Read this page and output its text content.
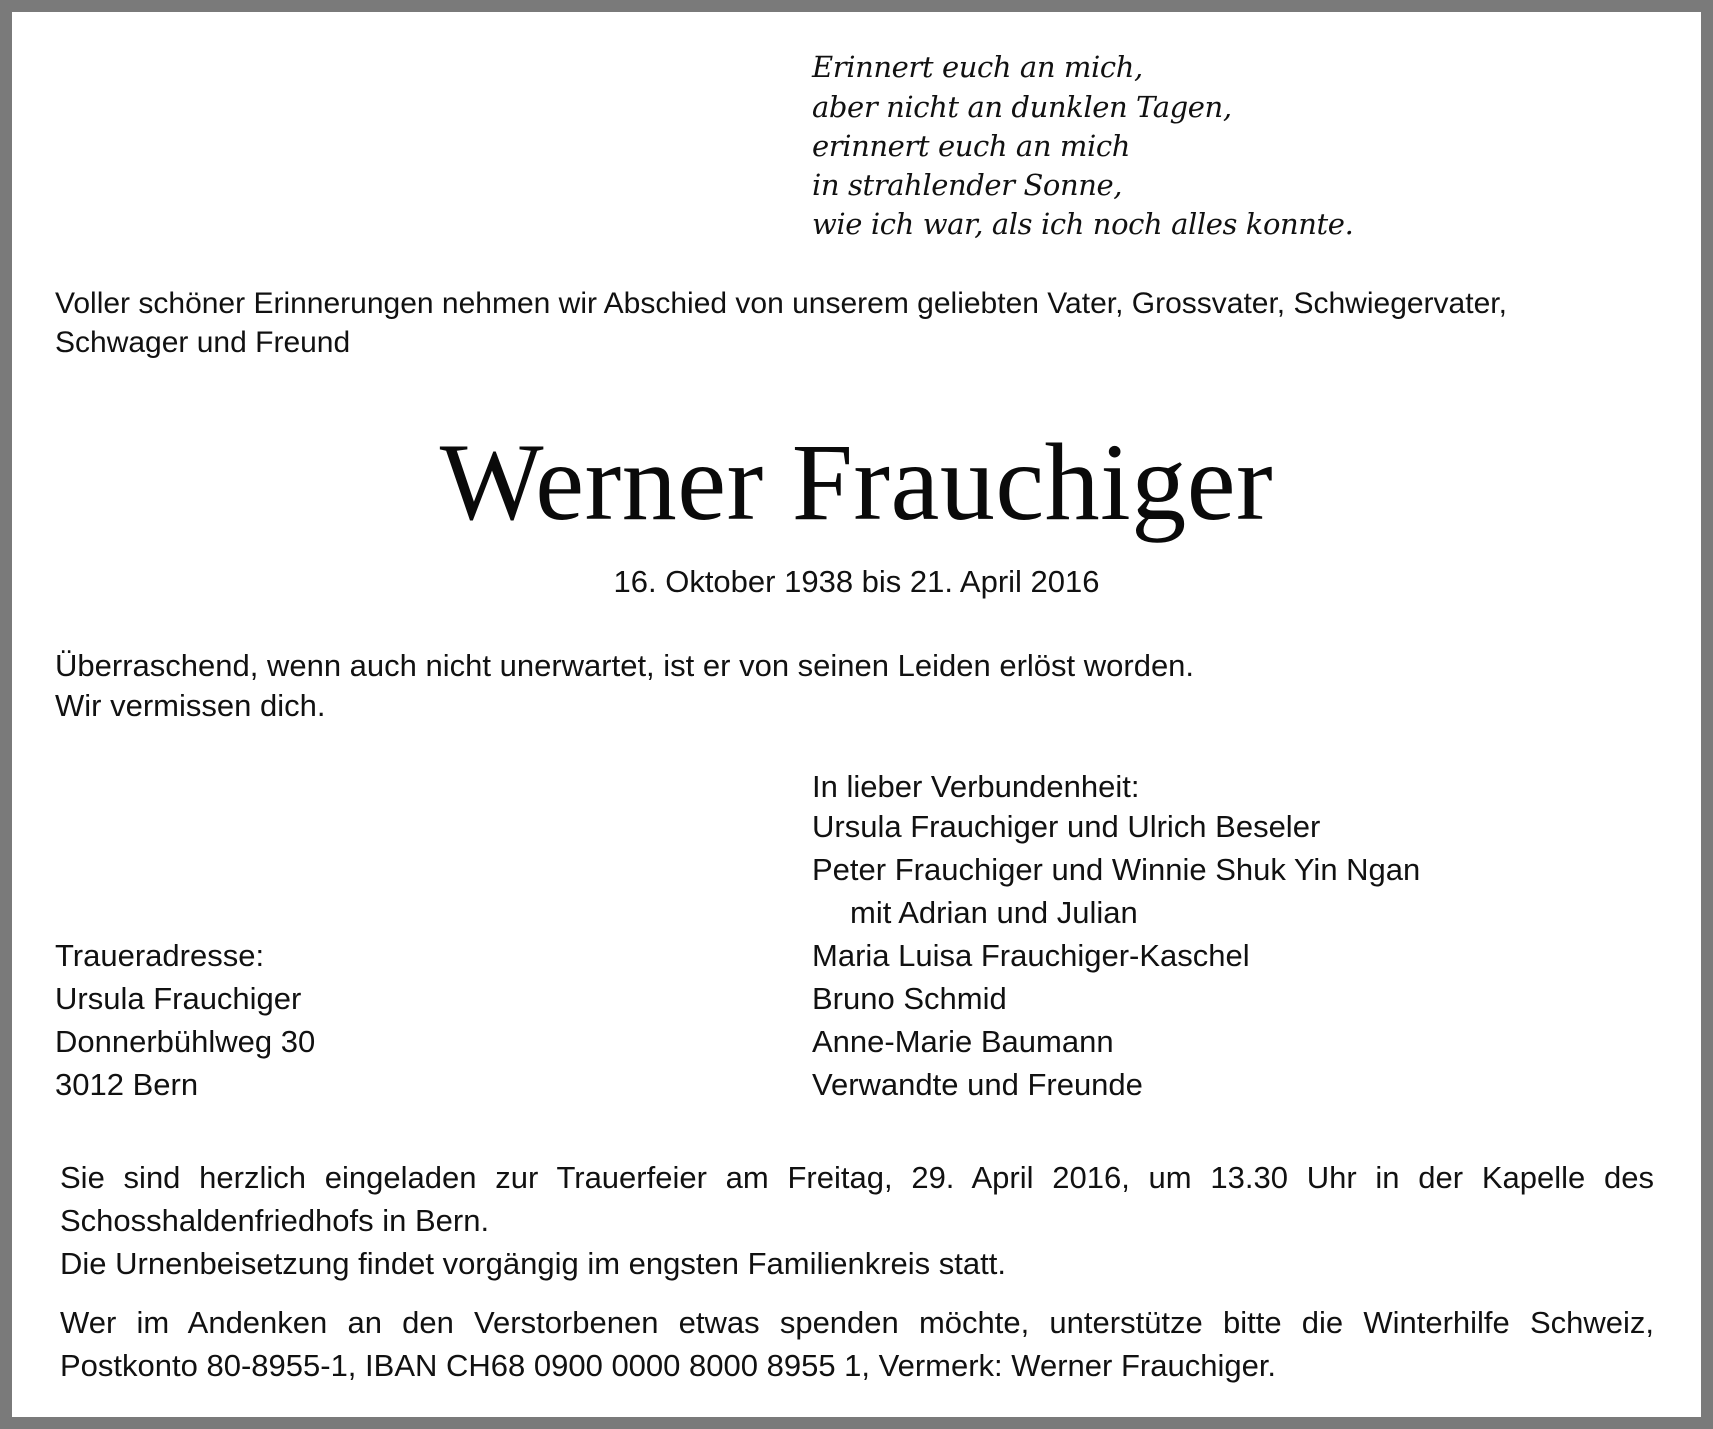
Erinnert euch an mich,
aber nicht an dunklen Tagen,
erinnert euch an mich
in strahlender Sonne,
wie ich war, als ich noch alles konnte.
Voller schöner Erinnerungen nehmen wir Abschied von unserem geliebten Vater, Grossvater, Schwiegervater,
Schwager und Freund
Werner Frauchiger
16. Oktober 1938 bis 21. April 2016
Überraschend, wenn auch nicht unerwartet, ist er von seinen Leiden erlöst worden.
Wir vermissen dich.
In lieber Verbundenheit:
Ursula Frauchiger und Ulrich Beseler
Peter Frauchiger und Winnie Shuk Yin Ngan
mit Adrian und Julian
Maria Luisa Frauchiger-Kaschel
Bruno Schmid
Anne-Marie Baumann
Verwandte und Freunde
Traueradresse:
Ursula Frauchiger
Donnerbühlweg 30
3012 Bern
Sie sind herzlich eingeladen zur Trauerfeier am Freitag, 29. April 2016, um 13.30 Uhr in der Kapelle des
Schosshaldenfriedhofs in Bern.
Die Urnenbeisetzung findet vorgängig im engsten Familienkreis statt.
Wer im Andenken an den Verstorbenen etwas spenden möchte, unterstütze bitte die Winterhilfe Schweiz,
Postkonto 80-8955-1, IBAN CH68 0900 0000 8000 8955 1, Vermerk: Werner Frauchiger.
